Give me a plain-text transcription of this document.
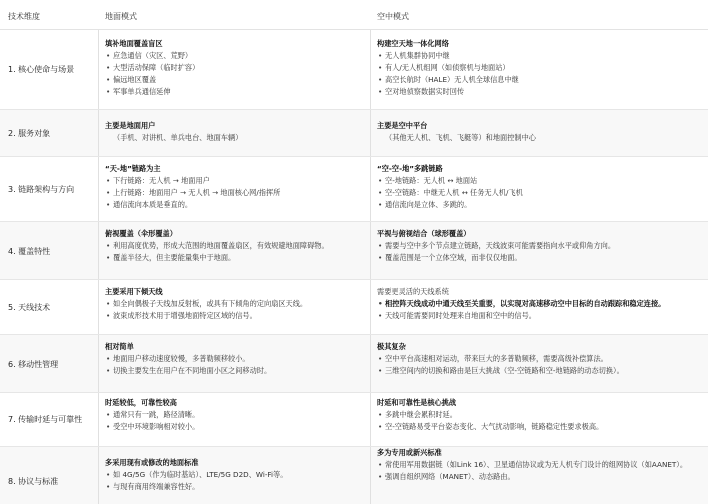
技术维度	地面模式	空中模式
1. 核心使命与场景
填补地面覆盖盲区
• 应急通信（灾区、荒野）
• 大型活动保障（临时扩容）
• 偏远地区覆盖
• 军事单兵通信延伸
构建空天地一体化网络
• 无人机集群协同中继
• 有人/无人机组网（如侦察机与地面站）
• 高空长航时（HALE）无人机全球信息中继
• 空对地侦察数据实时回传
2. 服务对象
主要是地面用户
（手机、对讲机、单兵电台、地面车辆）
主要是空中平台
（其他无人机、飞机、飞艇等）和地面控制中心
3. 链路架构与方向
“天-地”链路为主
• 下行链路：无人机 → 地面用户
• 上行链路：地面用户 → 无人机 → 地面核心网/指挥所
• 通信流向本质是垂直的。
“空-空-地”多跳链路
• 空-地链路：无人机 ↔ 地面站
• 空-空链路：中继无人机 ↔ 任务无人机/飞机
• 通信流向是立体、多跳的。
4. 覆盖特性
俯视覆盖（伞形覆盖）
• 利用高度优势，形成大范围的地面覆盖扇区，有效规避地面障碍物。
• 覆盖半径大，但主要能量集中于地面。
平视与俯视结合（球形覆盖）
• 需要与空中多个节点建立链路，天线波束可能需要指向水平或仰角方向。
• 覆盖范围是一个立体空域，而非仅仅地面。
5. 天线技术
主要采用下倾天线
• 如全向偶极子天线加反射板，或具有下倾角的定向扇区天线。
• 波束成形技术用于增强地面特定区域的信号。
需要更灵活的天线系统
• 相控阵天线成动中通天线至关重要，以实现对高速移动空中目标的自动跟踪和稳定连接。
• 天线可能需要同时处理来自地面和空中的信号。
6. 移动性管理
相对简单
• 地面用户移动速度较慢，多普勒频移较小。
• 切换主要发生在用户在不同地面小区之间移动时。
极其复杂
• 空中平台高速相对运动，带来巨大的多普勒频移，需要高级补偿算法。
• 三维空间内的切换和路由是巨大挑战（空-空链路和空-地链路的动态切换）。
7. 传输时延与可靠性
时延较低，可靠性较高
• 通常只有一跳，路径清晰。
• 受空中环境影响相对较小。
时延和可靠性是核心挑战
• 多跳中继会累积时延。
• 空-空链路易受平台姿态变化、大气扰动影响，链路稳定性要求极高。
8. 协议与标准
多采用现有或修改的地面标准
• 如 4G/5G（作为临时基站）、LTE/5G D2D、Wi-Fi等。
• 与现有商用终端兼容性好。
多为专用或新兴标准
• 常使用军用数据链（如Link 16）、卫星通信协议或为无人机专门设计的组网协议（如AANET）。
• 强调自组织网络（MANET）、动态路由。
